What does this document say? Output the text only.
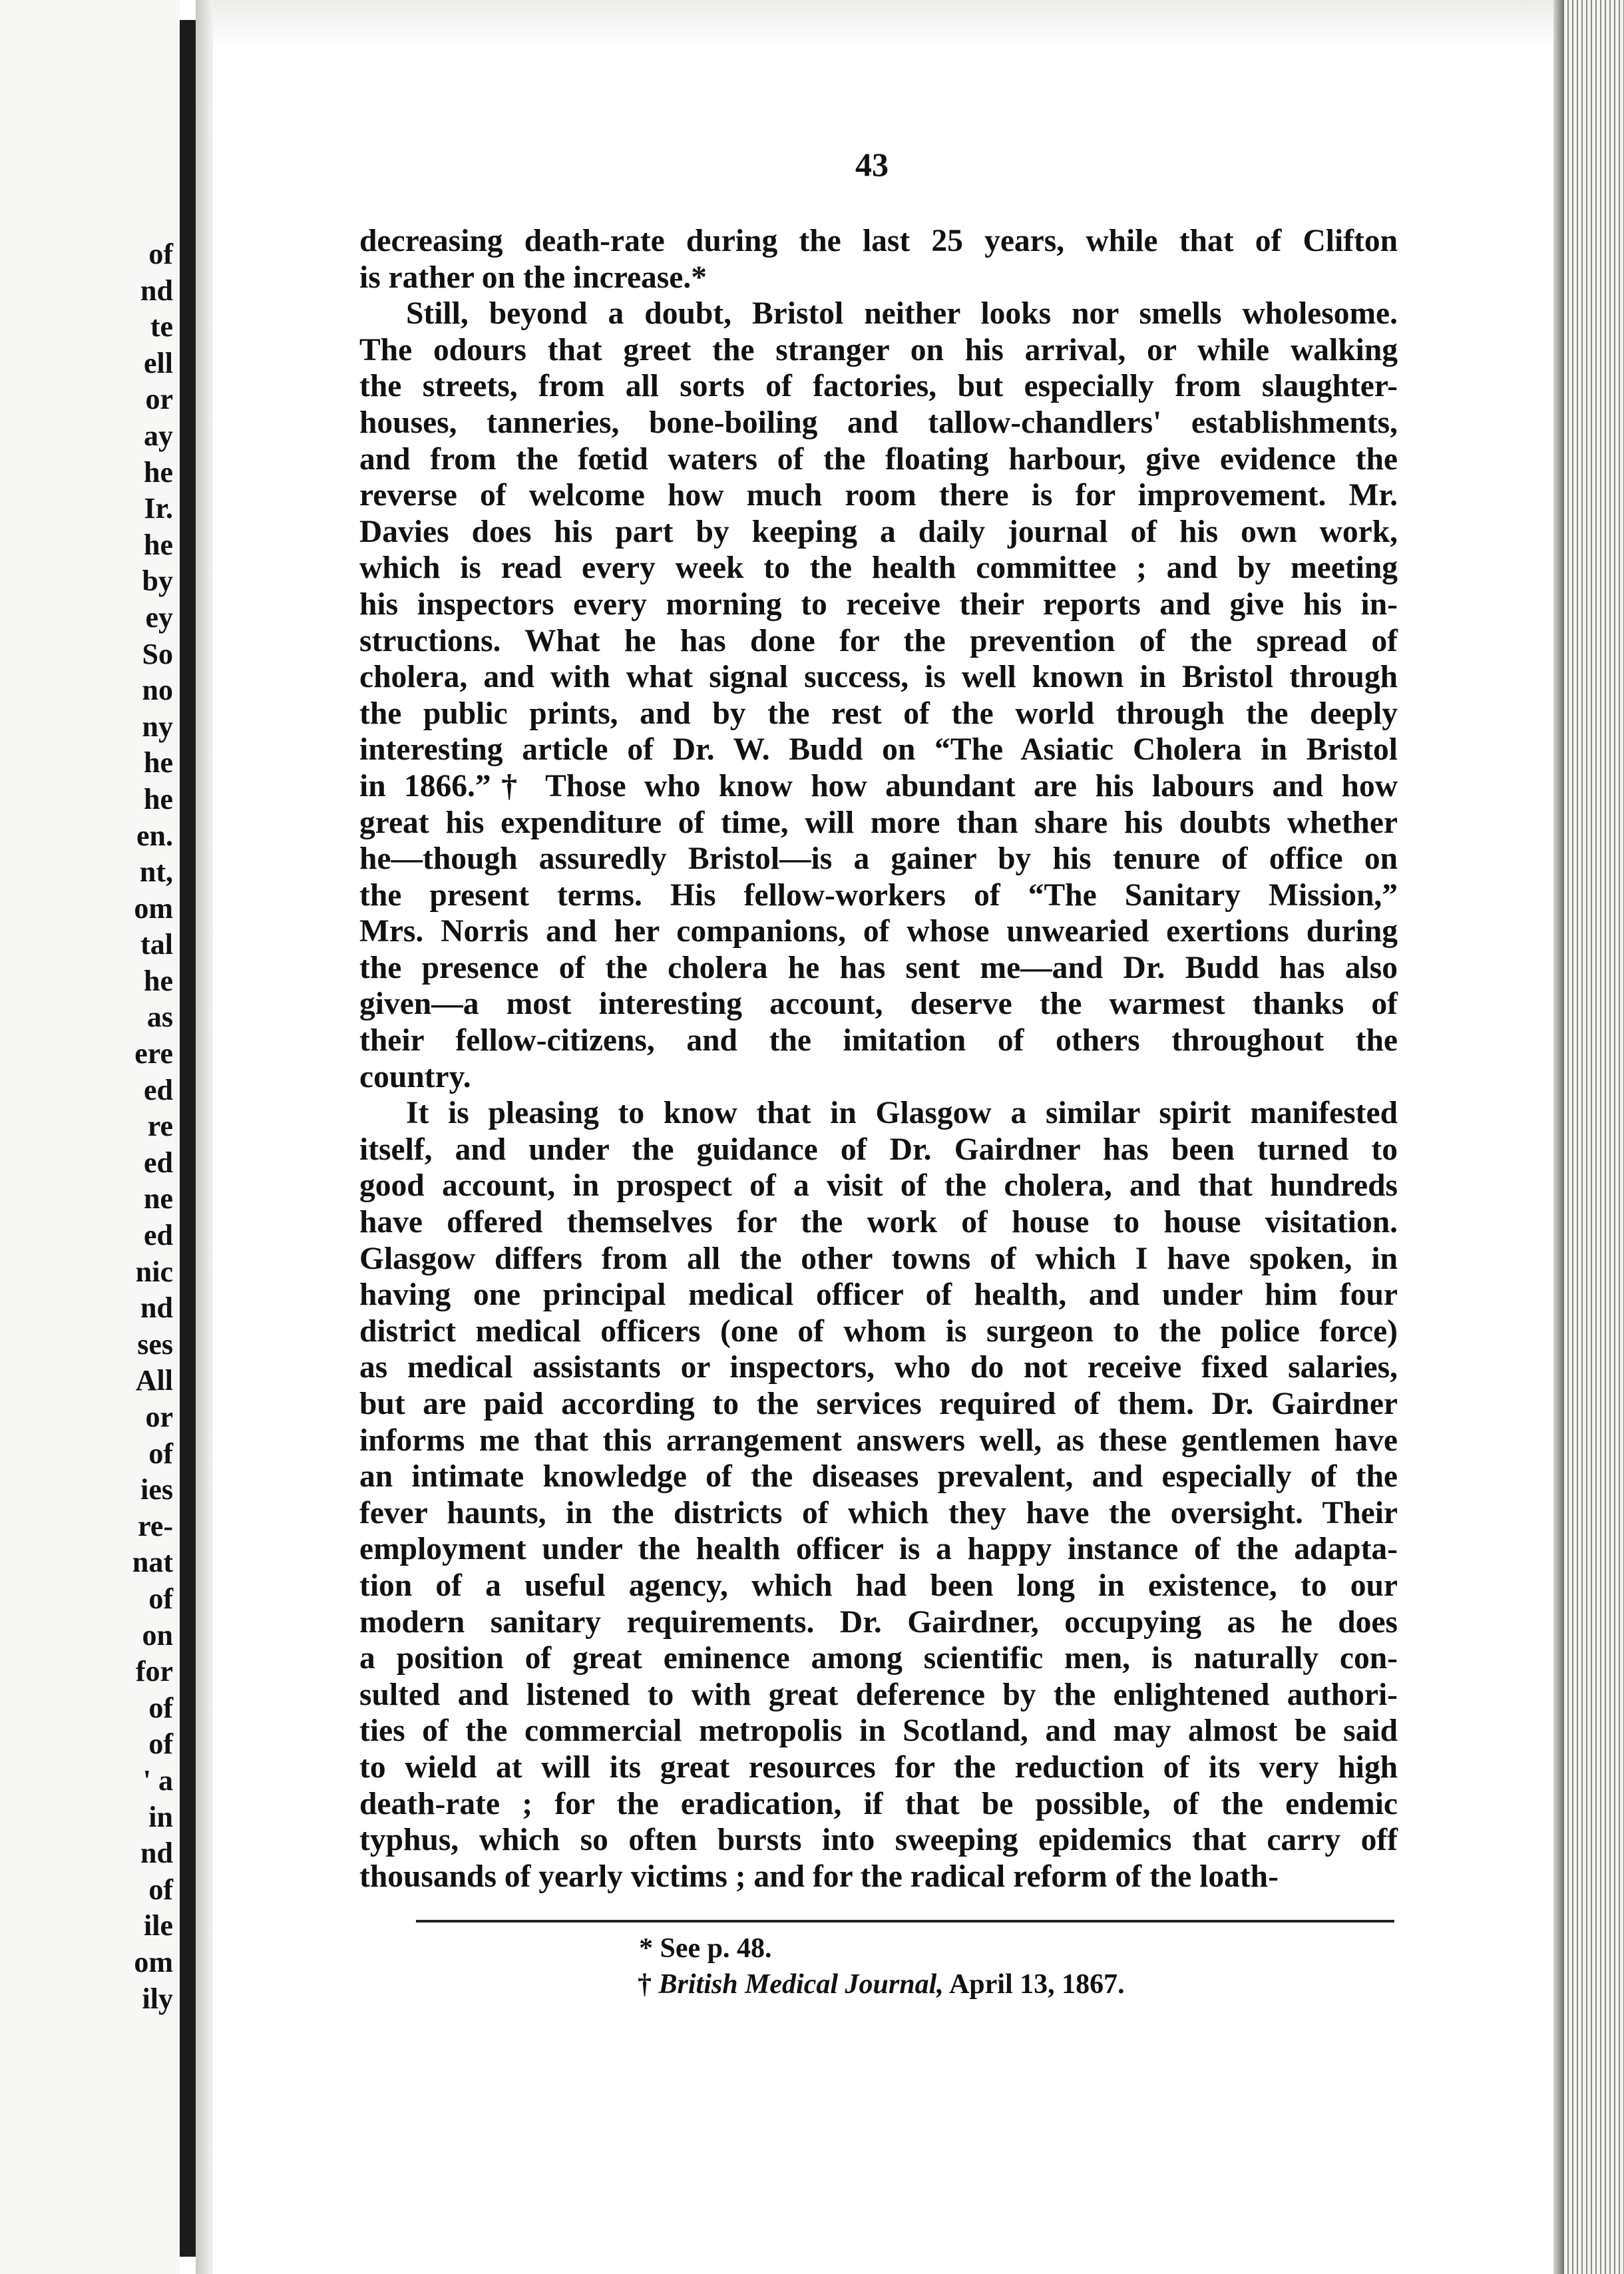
of
nd
te
ell
or
ay
he
Ir.
he
by
ey
So
no
ny
he
he
en.
nt,
om
tal
he
as
ere
ed
re
ed
ne
ed
nic
nd
ses
All
or
of
ies
re-
nat
of
on
for
of
of
' a
in
nd
of
ile
om
ily
43
decreasing death-rate during the last 25 years, while that of Clifton
is rather on the increase.*
Still, beyond a doubt, Bristol neither looks nor smells wholesome.
The odours that greet the stranger on his arrival, or while walking
the streets, from all sorts of factories, but especially from slaughter-
houses, tanneries, bone-boiling and tallow-chandlers' establishments,
and from the fœtid waters of the floating harbour, give evidence the
reverse of welcome how much room there is for improvement. Mr.
Davies does his part by keeping a daily journal of his own work,
which is read every week to the health committee ; and by meeting
his inspectors every morning to receive their reports and give his in-
structions. What he has done for the prevention of the spread of
cholera, and with what signal success, is well known in Bristol through
the public prints, and by the rest of the world through the deeply
interesting article of Dr. W. Budd on “The Asiatic Cholera in Bristol
in 1866.”† Those who know how abundant are his labours and how
great his expenditure of time, will more than share his doubts whether
he—though assuredly Bristol—is a gainer by his tenure of office on
the present terms. His fellow-workers of “The Sanitary Mission,”
Mrs. Norris and her companions, of whose unwearied exertions during
the presence of the cholera he has sent me—and Dr. Budd has also
given—a most interesting account, deserve the warmest thanks of
their fellow-citizens, and the imitation of others throughout the
country.
It is pleasing to know that in Glasgow a similar spirit manifested
itself, and under the guidance of Dr. Gairdner has been turned to
good account, in prospect of a visit of the cholera, and that hundreds
have offered themselves for the work of house to house visitation.
Glasgow differs from all the other towns of which I have spoken, in
having one principal medical officer of health, and under him four
district medical officers (one of whom is surgeon to the police force)
as medical assistants or inspectors, who do not receive fixed salaries,
but are paid according to the services required of them. Dr. Gairdner
informs me that this arrangement answers well, as these gentlemen have
an intimate knowledge of the diseases prevalent, and especially of the
fever haunts, in the districts of which they have the oversight. Their
employment under the health officer is a happy instance of the adapta-
tion of a useful agency, which had been long in existence, to our
modern sanitary requirements. Dr. Gairdner, occupying as he does
a position of great eminence among scientific men, is naturally con-
sulted and listened to with great deference by the enlightened authori-
ties of the commercial metropolis in Scotland, and may almost be said
to wield at will its great resources for the reduction of its very high
death-rate ; for the eradication, if that be possible, of the endemic
typhus, which so often bursts into sweeping epidemics that carry off
thousands of yearly victims ; and for the radical reform of the loath-
* See p. 48.
† British Medical Journal, April 13, 1867.
